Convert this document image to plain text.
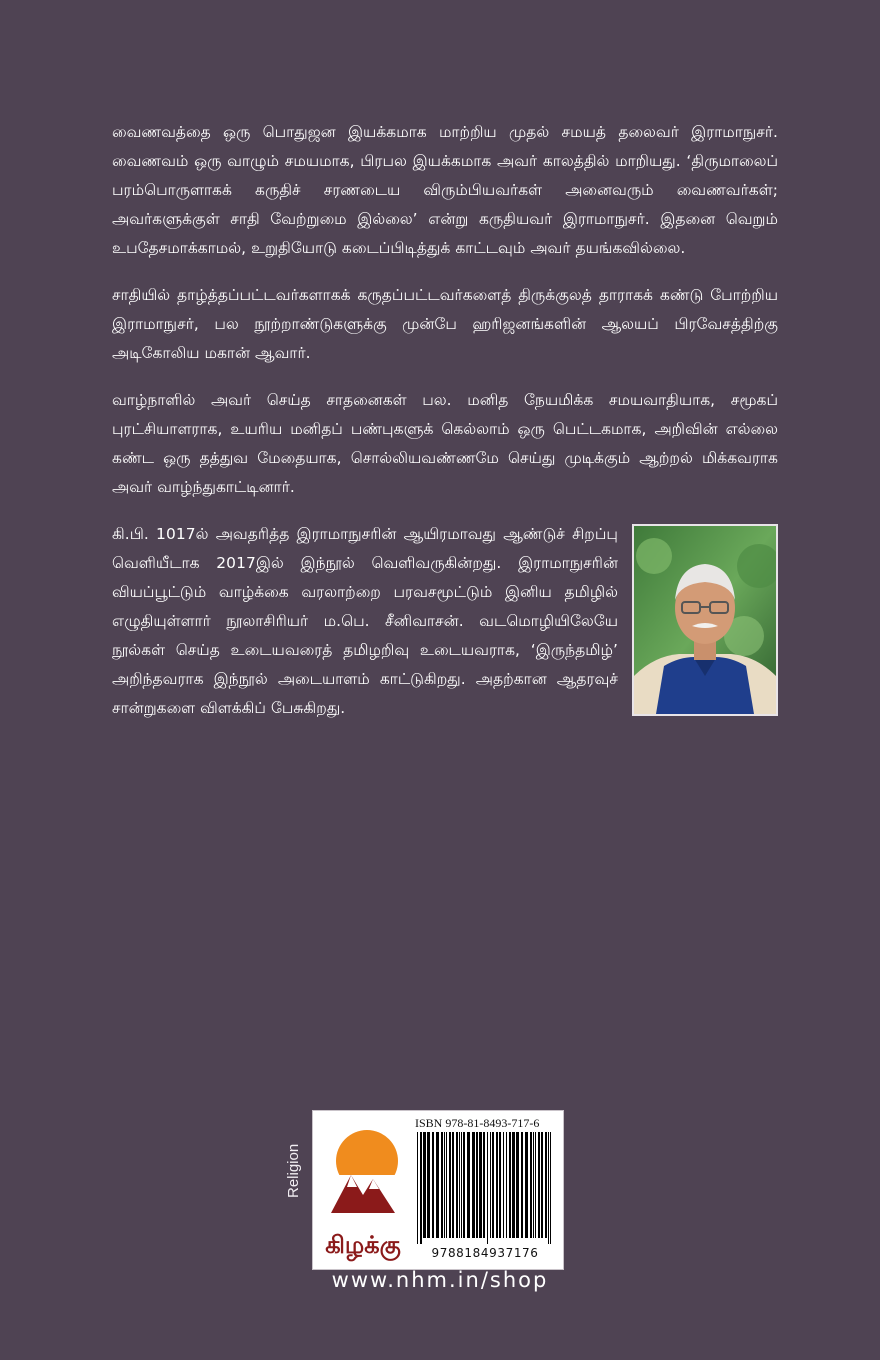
வைணவத்தை ஒரு பொதுஜன இயக்கமாக மாற்றிய முதல் சமயத் தலைவர் இராமாநுசர். வைணவம் ஒரு வாழும் சமயமாக, பிரபல இயக்கமாக அவர் காலத்தில் மாறியது. ‘திருமாலைப் பரம்பொருளாகக் கருதிச் சரணடைய விரும்பியவர்கள் அனைவரும் வைணவர்கள்; அவர்களுக்குள் சாதி வேற்றுமை இல்லை’ என்று கருதியவர் இராமாநுசர். இதனை வெறும் உபதேசமாக்காமல், உறுதியோடு கடைப்பிடித்துக் காட்டவும் அவர் தயங்கவில்லை.

சாதியில் தாழ்த்தப்பட்டவர்களாகக் கருதப்பட்டவர்களைத் திருக்குலத் தாராகக் கண்டு போற்றிய இராமாநுசர், பல நூற்றாண்டுகளுக்கு முன்பே ஹரிஜனங்களின் ஆலயப் பிரவேசத்திற்கு அடிகோலிய மகான் ஆவார்.

வாழ்நாளில் அவர் செய்த சாதனைகள் பல. மனித நேயமிக்க சமயவாதியாக, சமூகப் புரட்சியாளராக, உயரிய மனிதப் பண்புகளுக் கெல்லாம் ஒரு பெட்டகமாக, அறிவின் எல்லை கண்ட ஒரு தத்துவ மேதையாக, சொல்லியவண்ணமே செய்து முடிக்கும் ஆற்றல் மிக்கவராக அவர் வாழ்ந்துகாட்டினார்.

கி.பி. 1017ல் அவதரித்த இராமாநுசரின் ஆயிரமாவது ஆண்டுச் சிறப்பு வெளியீடாக 2017இல் இந்நூல் வெளிவருகின்றது. இராமாநுசரின் வியப்பூட்டும் வாழ்க்கை வரலாற்றை பரவசமூட்டும் இனிய தமிழில் எழுதியுள்ளார் நூலாசிரியர் ம.பெ. சீனிவாசன். வடமொழியிலேயே நூல்கள் செய்த உடையவரைத் தமிழறிவு உடையவராக, ‘இருந்தமிழ்’ அறிந்தவராக இந்நூல் அடையாளம் காட்டுகிறது. அதற்கான ஆதரவுச் சான்றுகளை விளக்கிப் பேசுகிறது.

Religion
கிழக்கு
ISBN 978-81-8493-717-6
9788184937176
www.nhm.in/shop
